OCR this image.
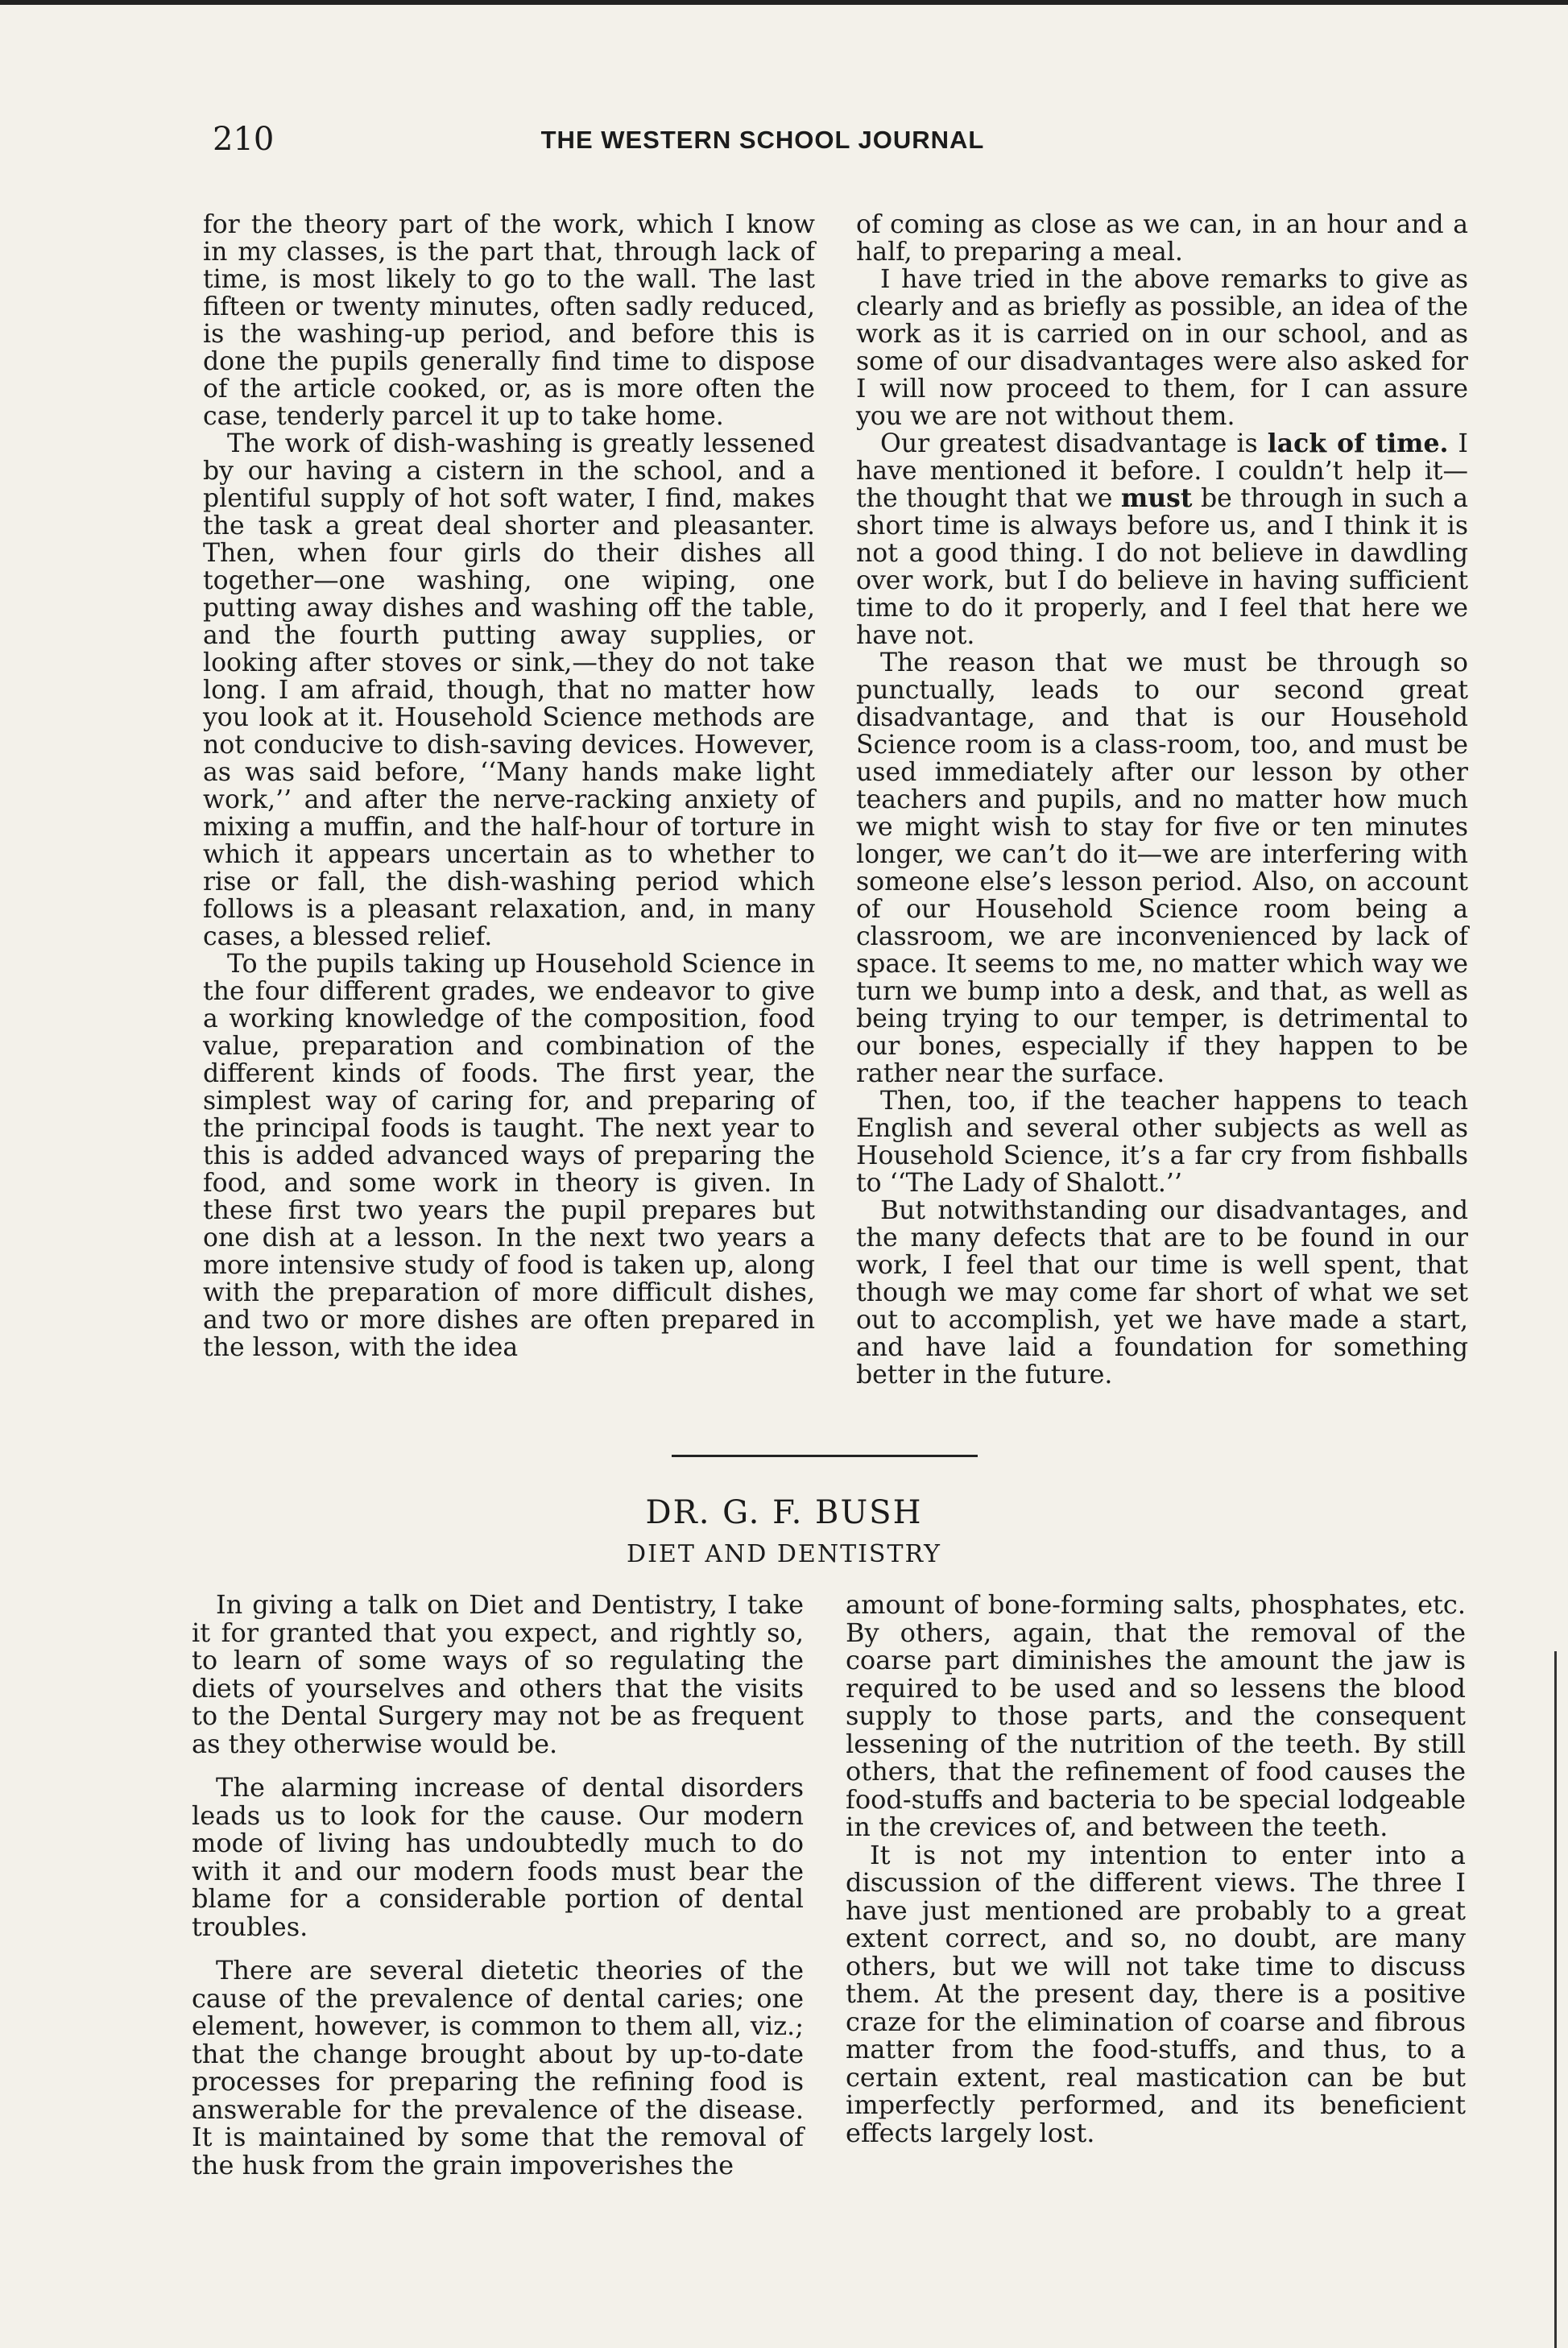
210	THE WESTERN SCHOOL JOURNAL

for the theory part of the work, which I know in my classes, is the part that, through lack of time, is most likely to go to the wall. The last fifteen or twenty minutes, often sadly reduced, is the washing-up period, and before this is done the pupils generally find time to dispose of the article cooked, or, as is more often the case, tenderly parcel it up to take home.

The work of dish-washing is greatly lessened by our having a cistern in the school, and a plentiful supply of hot soft water, I find, makes the task a great deal shorter and pleasanter. Then, when four girls do their dishes all together—one washing, one wiping, one putting away dishes and washing off the table, and the fourth putting away supplies, or looking after stoves or sink,—they do not take long. I am afraid, though, that no matter how you look at it. Household Science methods are not conducive to dish-saving devices. However, as was said before, ‘‘Many hands make light work,’’ and after the nerve-racking anxiety of mixing a muffin, and the half-hour of torture in which it appears uncertain as to whether to rise or fall, the dish-washing period which follows is a pleasant relaxation, and, in many cases, a blessed relief.

To the pupils taking up Household Science in the four different grades, we endeavor to give a working knowledge of the composition, food value, preparation and combination of the different kinds of foods. The first year, the simplest way of caring for, and preparing of the principal foods is taught. The next year to this is added advanced ways of preparing the food, and some work in theory is given. In these first two years the pupil prepares but one dish at a lesson. In the next two years a more intensive study of food is taken up, along with the preparation of more difficult dishes, and two or more dishes are often prepared in the lesson, with the idea

of coming as close as we can, in an hour and a half, to preparing a meal.

I have tried in the above remarks to give as clearly and as briefly as possible, an idea of the work as it is carried on in our school, and as some of our disadvantages were also asked for I will now proceed to them, for I can assure you we are not without them.

Our greatest disadvantage is lack of time. I have mentioned it before. I couldn’t help it—the thought that we must be through in such a short time is always before us, and I think it is not a good thing. I do not believe in dawdling over work, but I do believe in having sufficient time to do it properly, and I feel that here we have not.

The reason that we must be through so punctually, leads to our second great disadvantage, and that is our Household Science room is a class-room, too, and must be used immediately after our lesson by other teachers and pupils, and no matter how much we might wish to stay for five or ten minutes longer, we can’t do it—we are interfering with someone else’s lesson period. Also, on account of our Household Science room being a classroom, we are inconvenienced by lack of space. It seems to me, no matter which way we turn we bump into a desk, and that, as well as being trying to our temper, is detrimental to our bones, especially if they happen to be rather near the surface.

Then, too, if the teacher happens to teach English and several other subjects as well as Household Science, it’s a far cry from fishballs to ‘‘The Lady of Shalott.’’

But notwithstanding our disadvantages, and the many defects that are to be found in our work, I feel that our time is well spent, that though we may come far short of what we set out to accomplish, yet we have made a start, and have laid a foundation for something better in the future.

DR. G. F. BUSH
DIET AND DENTISTRY

In giving a talk on Diet and Dentistry, I take it for granted that you expect, and rightly so, to learn of some ways of so regulating the diets of yourselves and others that the visits to the Dental Surgery may not be as frequent as they otherwise would be.

The alarming increase of dental disorders leads us to look for the cause. Our modern mode of living has undoubtedly much to do with it and our modern foods must bear the blame for a considerable portion of dental troubles.

There are several dietetic theories of the cause of the prevalence of dental caries; one element, however, is common to them all, viz.; that the change brought about by up-to-date processes for preparing the refining food is answerable for the prevalence of the disease. It is maintained by some that the removal of the husk from the grain impoverishes the

amount of bone-forming salts, phosphates, etc. By others, again, that the removal of the coarse part diminishes the amount the jaw is required to be used and so lessens the blood supply to those parts, and the consequent lessening of the nutrition of the teeth. By still others, that the refinement of food causes the food-stuffs and bacteria to be special lodgeable in the crevices of, and between the teeth.

It is not my intention to enter into a discussion of the different views. The three I have just mentioned are probably to a great extent correct, and so, no doubt, are many others, but we will not take time to discuss them. At the present day, there is a positive craze for the elimination of coarse and fibrous matter from the food-stuffs, and thus, to a certain extent, real mastication can be but imperfectly performed, and its beneficient effects largely lost.
